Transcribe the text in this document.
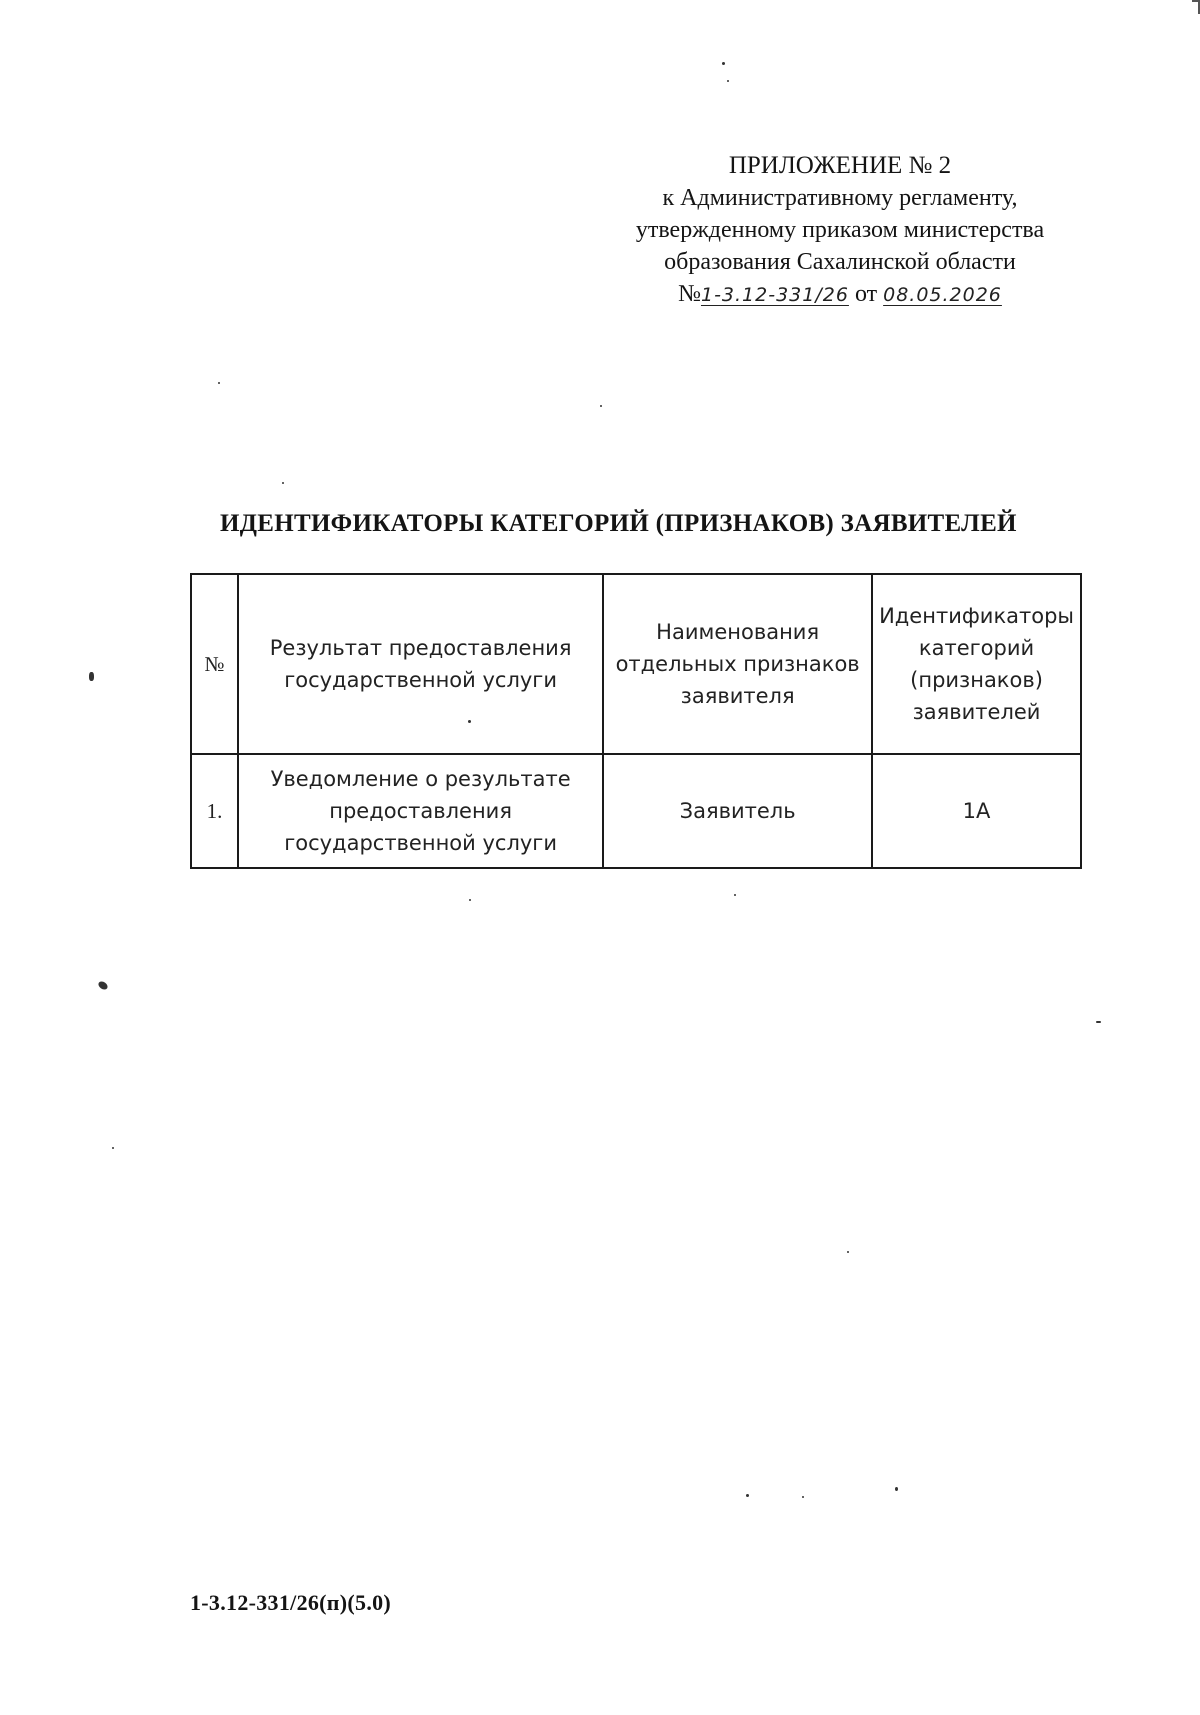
ПРИЛОЖЕНИЕ № 2
к Административному регламенту,
утвержденному приказом министерства
образования Сахалинской области
№1-3.12-331/26 от 08.05.2026
ИДЕНТИФИКАТОРЫ КАТЕГОРИЙ (ПРИЗНАКОВ) ЗАЯВИТЕЛЕЙ
№	Результат предоставления государственной услуги	Наименования отдельных признаков заявителя	Идентификаторы категорий (признаков) заявителей
1.	Уведомление о результате предоставления государственной услуги	Заявитель	1А
1-3.12-331/26(п)(5.0)
